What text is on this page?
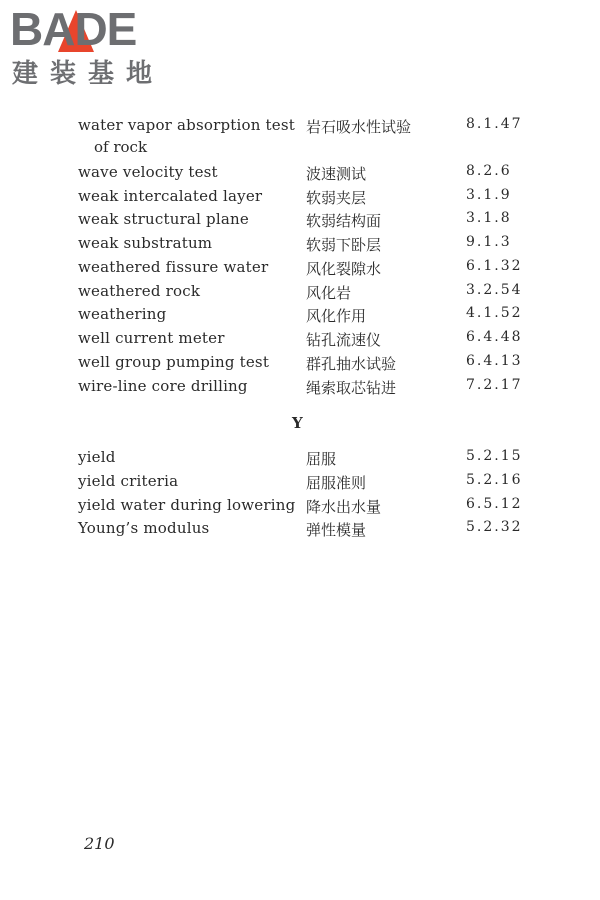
BADE
建装基地
water vapor absorption test
of rock
岩石吸水性试验	8.1.47
wave velocity test	波速测试	8.2.6
weak intercalated layer	软弱夹层	3.1.9
weak structural plane	软弱结构面	3.1.8
weak substratum	软弱下卧层	9.1.3
weathered fissure water	风化裂隙水	6.1.32
weathered rock	风化岩	3.2.54
weathering	风化作用	4.1.52
well current meter	钻孔流速仪	6.4.48
well group pumping test 群孔抽水试验	6.4.13
wire-line core drilling	绳索取芯钻进	7.2.17
Y
yield	屈服	5.2.15
yield criteria	屈服准则	5.2.16
yield water during lowering 降水出水量	6.5.12
Young’s modulus	弹性模量	5.2.32
210
